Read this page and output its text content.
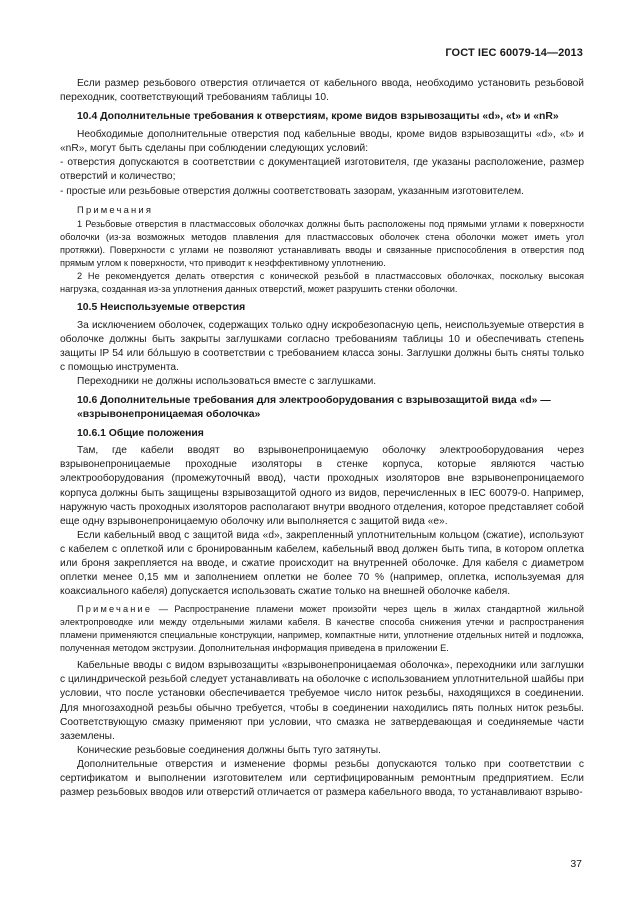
ГОСТ IEC 60079-14—2013

Если размер резьбового отверстия отличается от кабельного ввода, необходимо установить резьбовой переходник, соответствующий требованиям таблицы 10.

10.4 Дополнительные требования к отверстиям, кроме видов взрывозащиты «d», «t» и «nR»

Необходимые дополнительные отверстия под кабельные вводы, кроме видов взрывозащиты «d», «t» и «nR», могут быть сделаны при соблюдении следующих условий:

- отверстия допускаются в соответствии с документацией изготовителя, где указаны расположение, размер отверстий и количество;

- простые или резьбовые отверстия должны соответствовать зазорам, указанным изготовителем.

Примечания

1 Резьбовые отверстия в пластмассовых оболочках должны быть расположены под прямыми углами к поверхности оболочки (из-за возможных методов плавления для пластмассовых оболочек стена оболочки может иметь угол протяжки). Поверхности с углами не позволяют устанавливать вводы и связанные приспособления в отверстия под прямым углом к поверхности, что приводит к неэффективному уплотнению.

2 Не рекомендуется делать отверстия с конической резьбой в пластмассовых оболочках, поскольку высокая нагрузка, созданная из-за уплотнения данных отверстий, может разрушить стенки оболочки.

10.5 Неиспользуемые отверстия

За исключением оболочек, содержащих только одну искробезопасную цепь, неиспользуемые отверстия в оболочке должны быть закрыты заглушками согласно требованиям таблицы 10 и обеспечивать степень защиты IP 54 или бо́льшую в соответствии с требованием класса зоны. Заглушки должны быть сняты только с помощью инструмента.

Переходники не должны использоваться вместе с заглушками.

10.6 Дополнительные требования для электрооборудования с взрывозащитой вида «d» — «взрывонепроницаемая оболочка»
10.6.1 Общие положения

Там, где кабели вводят во взрывонепроницаемую оболочку электрооборудования через взрывонепроницаемые проходные изоляторы в стенке корпуса, которые являются частью электрооборудования (промежуточный ввод), части проходных изоляторов вне взрывонепроницаемого корпуса должны быть защищены взрывозащитой одного из видов, перечисленных в IEC 60079-0. Например, наружную часть проходных изоляторов располагают внутри вводного отделения, которое представляет собой еще одну взрывонепроницаемую оболочку или выполняется с защитой вида «е».

Если кабельный ввод с защитой вида «d», закрепленный уплотнительным кольцом (сжатие), используют с кабелем с оплеткой или с бронированным кабелем, кабельный ввод должен быть типа, в котором оплетка или броня закрепляется на вводе, и сжатие происходит на внутренней оболочке. Для кабеля с диаметром оплетки менее 0,15 мм и заполнением оплетки не более 70 % (например, оплетка, используемая для коаксиального кабеля) допускается использовать сжатие только на внешней оболочке кабеля.

Примечание — Распространение пламени может произойти через щель в жилах стандартной жильной электропроводке или между отдельными жилами кабеля. В качестве способа снижения утечки и распространения пламени применяются специальные конструкции, например, компактные нити, уплотнение отдельных нитей и подложка, полученная методом экструзии. Дополнительная информация приведена в приложении Е.

Кабельные вводы с видом взрывозащиты «взрывонепроницаемая оболочка», переходники или заглушки с цилиндрической резьбой следует устанавливать на оболочке с использованием уплотнительной шайбы при условии, что после установки обеспечивается требуемое число ниток резьбы, находящихся в соединении. Для многозаходной резьбы обычно требуется, чтобы в соединении находились пять полных ниток резьбы. Соответствующую смазку применяют при условии, что смазка не затвердевающая и соединяемые части заземлены.

Конические резьбовые соединения должны быть туго затянуты.

Дополнительные отверстия и изменение формы резьбы допускаются только при соответствии с сертификатом и выполнении изготовителем или сертифицированным ремонтным предприятием. Если размер резьбовых вводов или отверстий отличается от размера кабельного ввода, то устанавливают взрыво-

37
